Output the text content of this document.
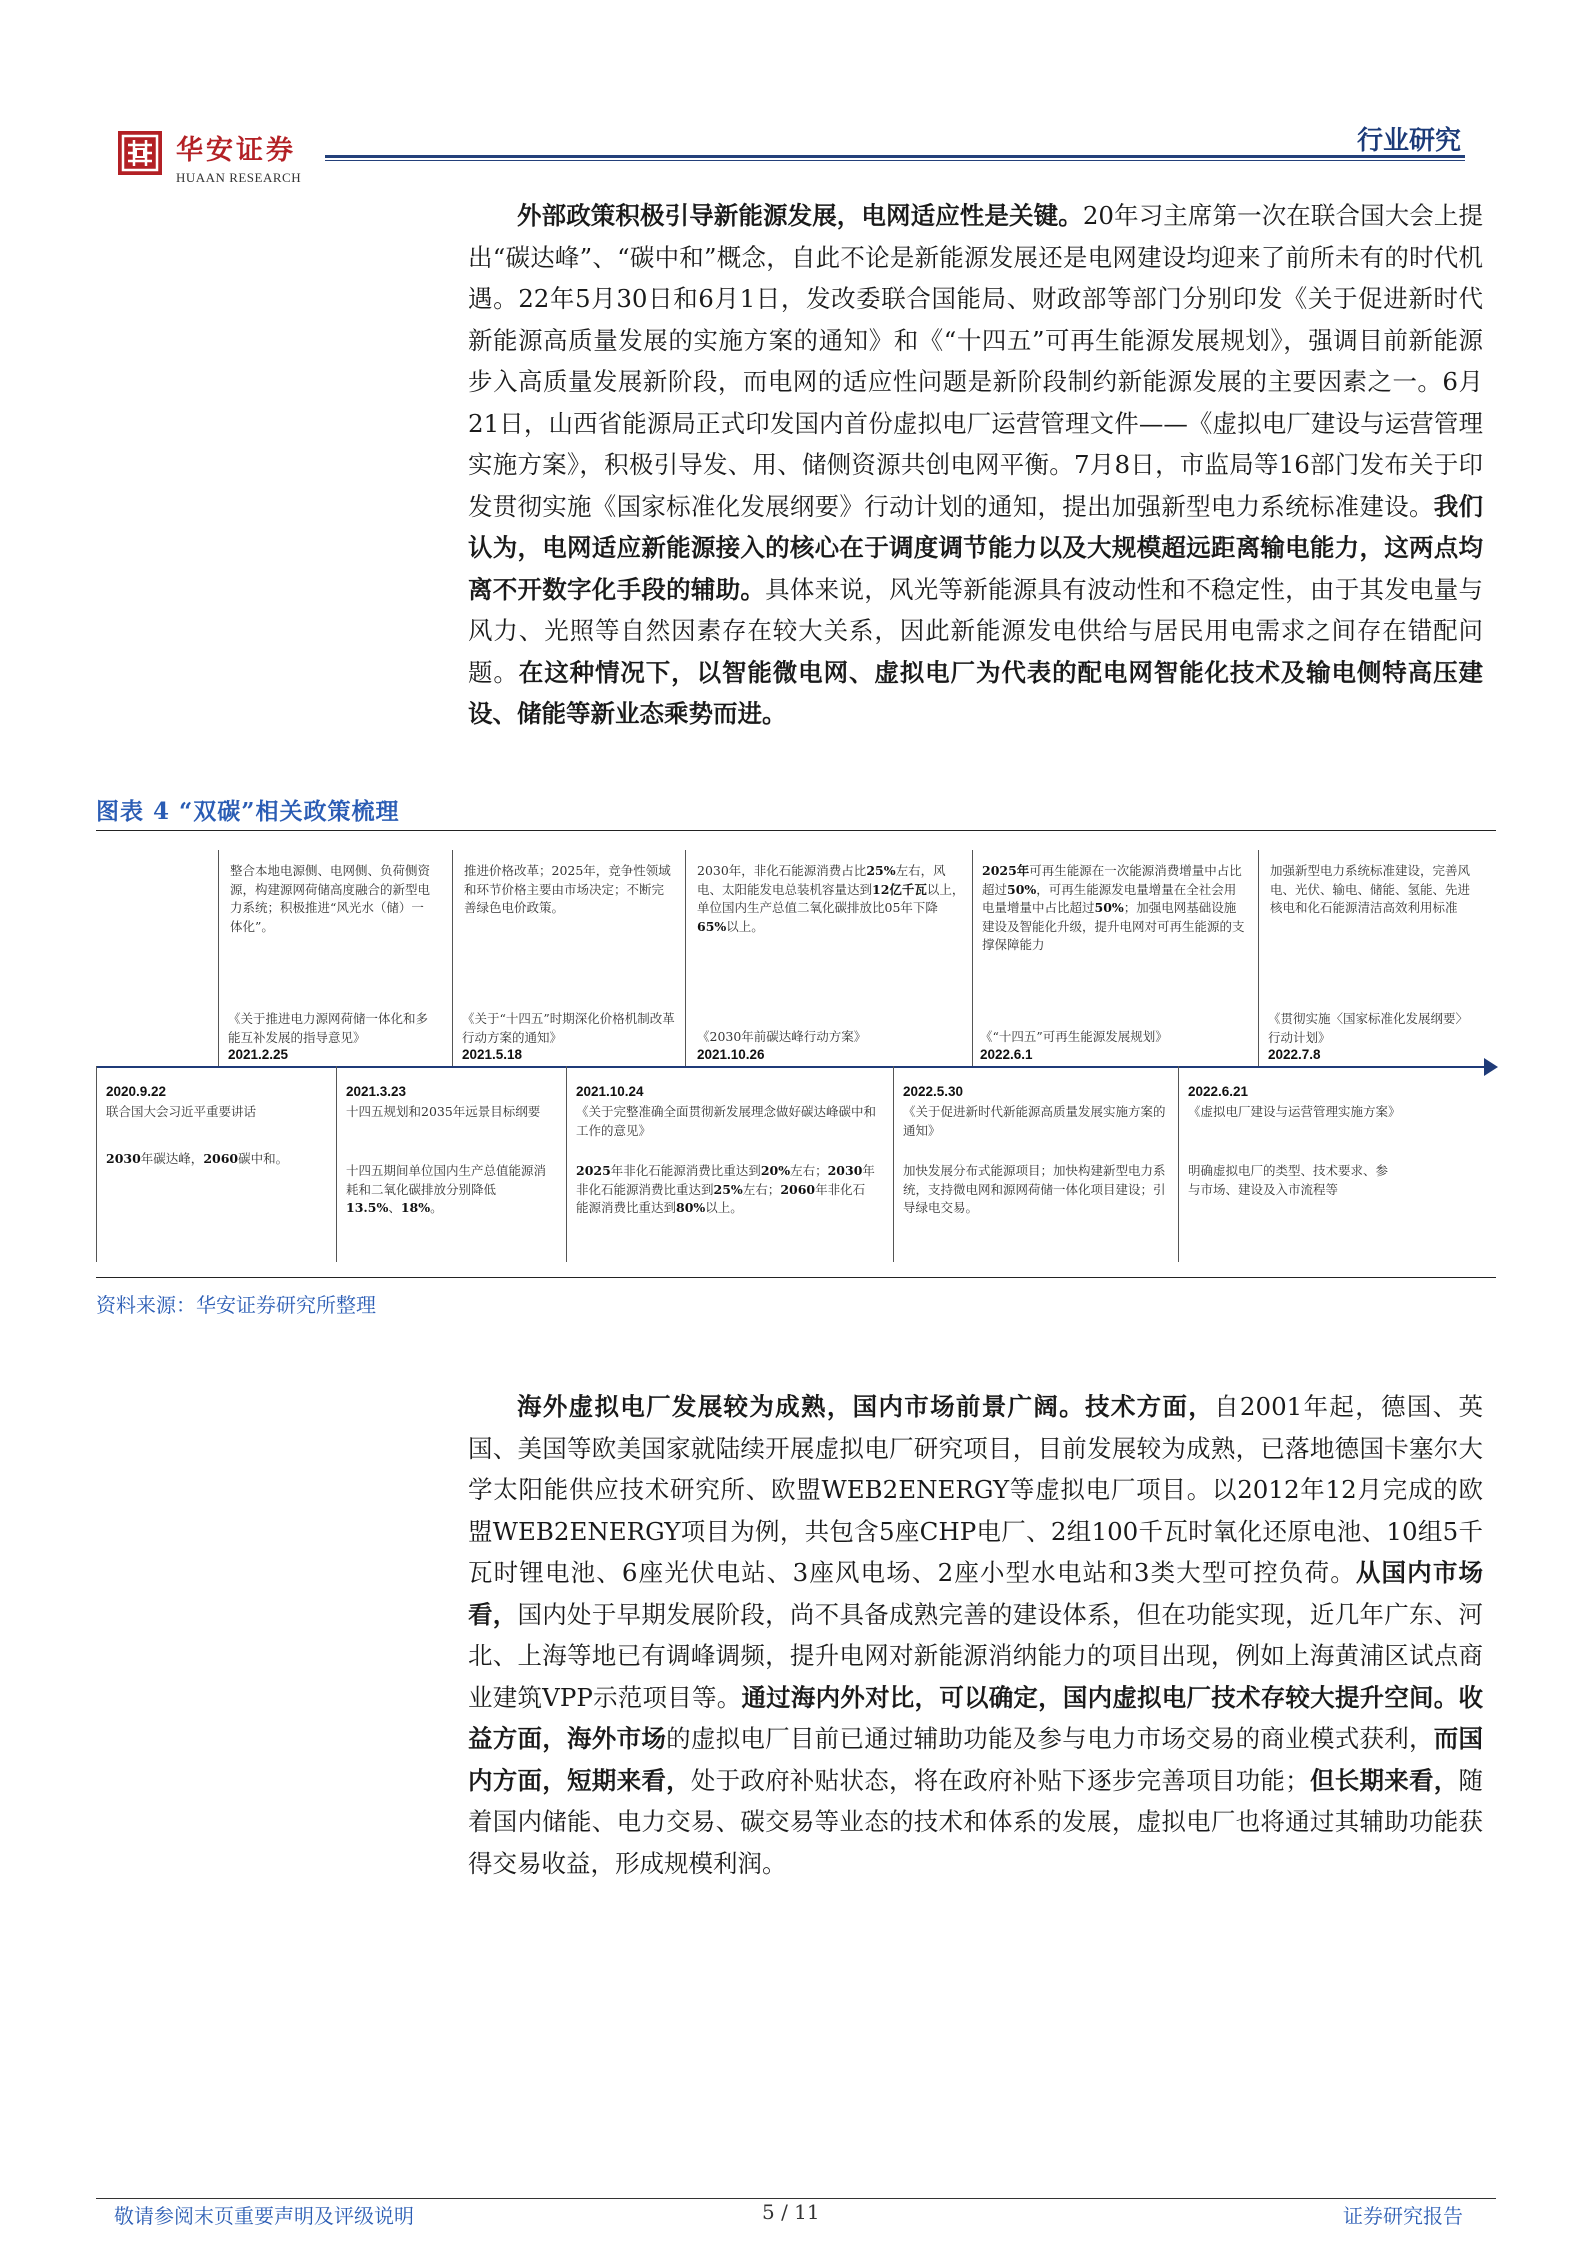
华安证券
HUAAN RESEARCH
行业研究
外部政策积极引导新能源发展，电网适应性是关键。20年习主席第一次在联合国大会上提出“碳达峰”、“碳中和”概念，自此不论是新能源发展还是电网建设均迎来了前所未有的时代机遇。22年5月30日和6月1日，发改委联合国能局、财政部等部门分别印发《关于促进新时代新能源高质量发展的实施方案的通知》和《“十四五”可再生能源发展规划》，强调目前新能源步入高质量发展新阶段，而电网的适应性问题是新阶段制约新能源发展的主要因素之一。6月21日，山西省能源局正式印发国内首份虚拟电厂运营管理文件——《虚拟电厂建设与运营管理实施方案》，积极引导发、用、储侧资源共创电网平衡。7月8日，市监局等16部门发布关于印发贯彻实施《国家标准化发展纲要》行动计划的通知，提出加强新型电力系统标准建设。我们认为，电网适应新能源接入的核心在于调度调节能力以及大规模超远距离输电能力，这两点均离不开数字化手段的辅助。具体来说，风光等新能源具有波动性和不稳定性，由于其发电量与风力、光照等自然因素存在较大关系，因此新能源发电供给与居民用电需求之间存在错配问题。在这种情况下，以智能微电网、虚拟电厂为代表的配电网智能化技术及输电侧特高压建设、储能等新业态乘势而进。
图表 4 “双碳”相关政策梳理
整合本地电源侧、电网侧、负荷侧资源，构建源网荷储高度融合的新型电力系统；积极推进“风光水（储）一体化”。
《关于推进电力源网荷储一体化和多能互补发展的指导意见》
2021.2.25
推进价格改革；2025年，竞争性领域和环节价格主要由市场决定；不断完善绿色电价政策。
《关于“十四五”时期深化价格机制改革行动方案的通知》
2021.5.18
2030年，非化石能源消费占比25%左右，风电、太阳能发电总装机容量达到12亿千瓦以上，单位国内生产总值二氧化碳排放比05年下降65%以上。
《2030年前碳达峰行动方案》
2021.10.26
2025年可再生能源在一次能源消费增量中占比超过50%，可再生能源发电量增量在全社会用电量增量中占比超过50%；加强电网基础设施建设及智能化升级，提升电网对可再生能源的支撑保障能力
《“十四五”可再生能源发展规划》
2022.6.1
加强新型电力系统标准建设，完善风电、光伏、输电、储能、氢能、先进核电和化石能源清洁高效利用标准
《贯彻实施〈国家标准化发展纲要〉行动计划》
2022.7.8
2020.9.22
联合国大会习近平重要讲话
2030年碳达峰，2060碳中和。
2021.3.23
十四五规划和2035年远景目标纲要
十四五期间单位国内生产总值能源消耗和二氧化碳排放分别降低 13.5%、18%。
2021.10.24
《关于完整准确全面贯彻新发展理念做好碳达峰碳中和工作的意见》
2025年非化石能源消费比重达到20%左右；2030年非化石能源消费比重达到25%左右；2060年非化石能源消费比重达到80%以上。
2022.5.30
《关于促进新时代新能源高质量发展实施方案的通知》
加快发展分布式能源项目；加快构建新型电力系统，支持微电网和源网荷储一体化项目建设；引导绿电交易。
2022.6.21
《虚拟电厂建设与运营管理实施方案》
明确虚拟电厂的类型、技术要求、参与市场、建设及入市流程等
资料来源：华安证券研究所整理
海外虚拟电厂发展较为成熟，国内市场前景广阔。技术方面，自2001年起，德国、英国、美国等欧美国家就陆续开展虚拟电厂研究项目，目前发展较为成熟，已落地德国卡塞尔大学太阳能供应技术研究所、欧盟WEB2ENERGY等虚拟电厂项目。以2012年12月完成的欧盟WEB2ENERGY项目为例，共包含5座CHP电厂、2组100千瓦时氧化还原电池、10组5千瓦时锂电池、6座光伏电站、3座风电场、2座小型水电站和3类大型可控负荷。从国内市场看，国内处于早期发展阶段，尚不具备成熟完善的建设体系，但在功能实现，近几年广东、河北、上海等地已有调峰调频，提升电网对新能源消纳能力的项目出现，例如上海黄浦区试点商业建筑VPP示范项目等。通过海内外对比，可以确定，国内虚拟电厂技术存较大提升空间。收益方面，海外市场的虚拟电厂目前已通过辅助功能及参与电力市场交易的商业模式获利，而国内方面，短期来看，处于政府补贴状态，将在政府补贴下逐步完善项目功能；但长期来看，随着国内储能、电力交易、碳交易等业态的技术和体系的发展，虚拟电厂也将通过其辅助功能获得交易收益，形成规模利润。
敬请参阅末页重要声明及评级说明	5 / 11	证券研究报告
